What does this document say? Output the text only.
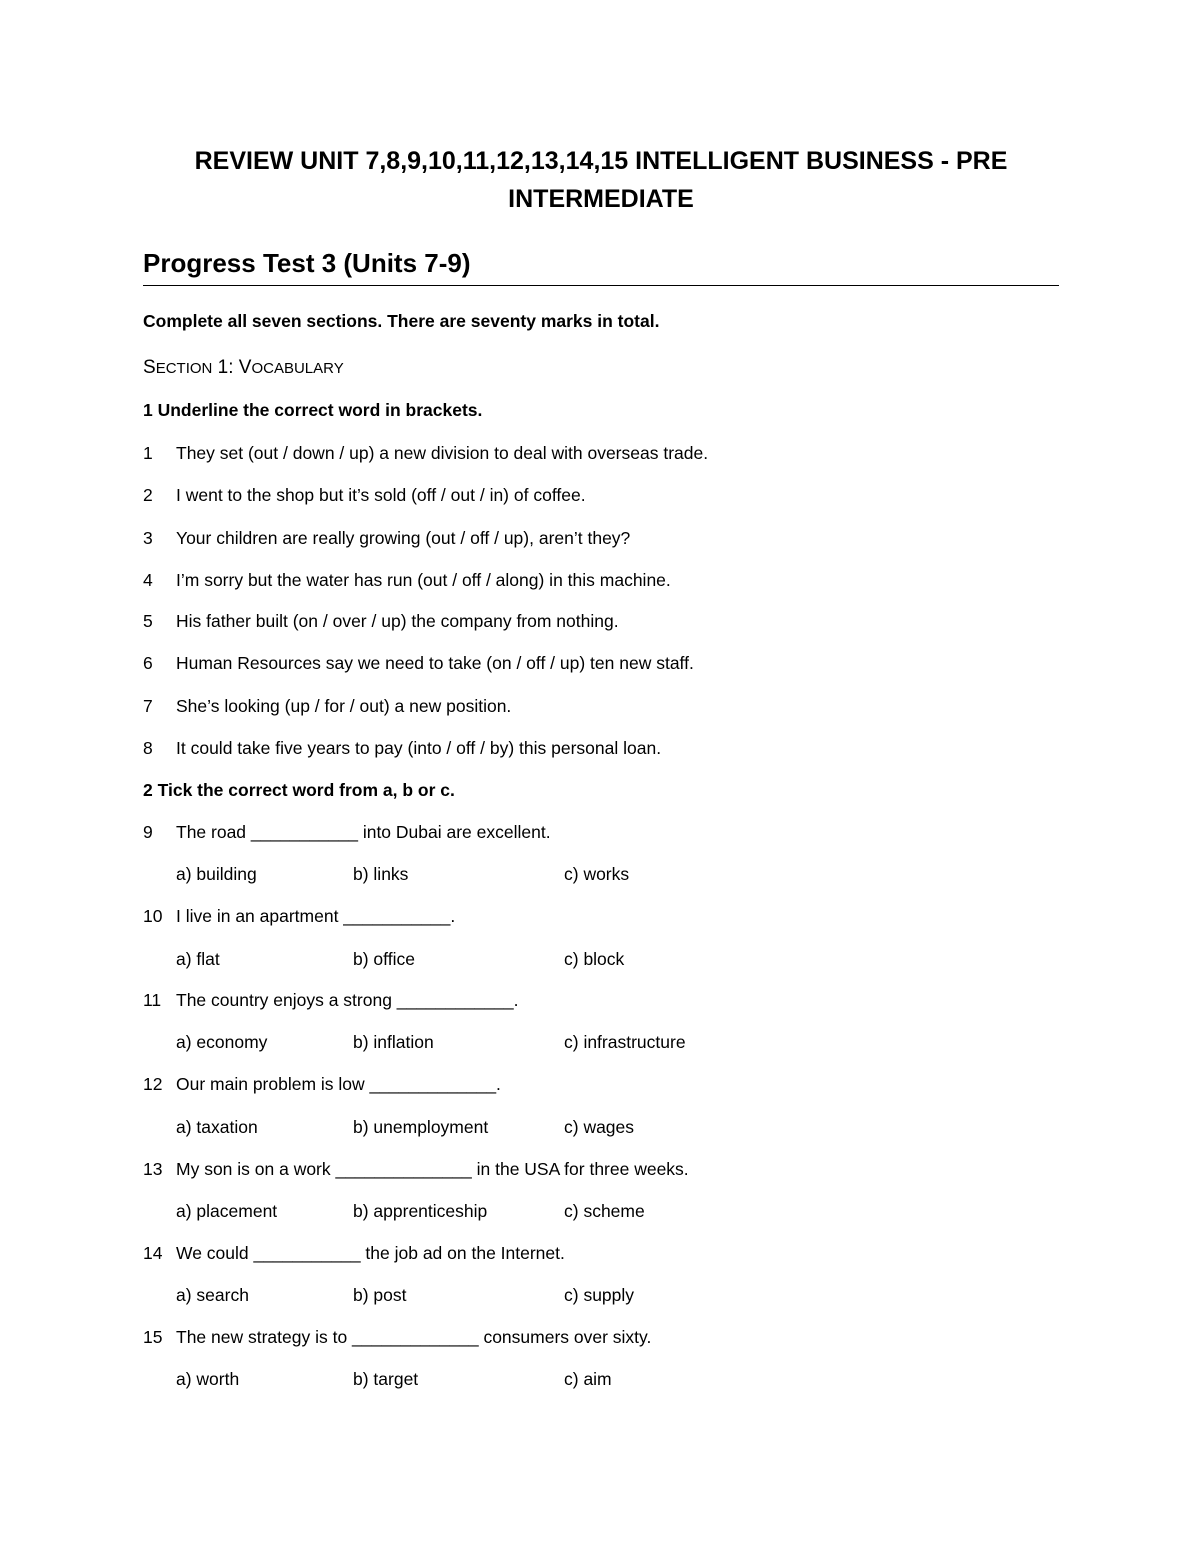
REVIEW UNIT 7,8,9,10,11,12,13,14,15 INTELLIGENT BUSINESS - PRE INTERMEDIATE
Progress Test 3 (Units 7-9)
Complete all seven sections. There are seventy marks in total.
SECTION 1: VOCABULARY
1 Underline the correct word in brackets.
1 They set (out / down / up) a new division to deal with overseas trade.
2 I went to the shop but it’s sold (off / out / in) of coffee.
3 Your children are really growing (out / off / up), aren’t they?
4 I’m sorry but the water has run (out / off / along) in this machine.
5 His father built (on / over / up) the company from nothing.
6 Human Resources say we need to take (on / off / up) ten new staff.
7 She’s looking (up / for / out) a new position.
8 It could take five years to pay (into / off / by) this personal loan.
2 Tick the correct word from a, b or c.
9 The road ___________ into Dubai are excellent.
a) building	b) links	c) works
10 I live in an apartment ___________.
a) flat	b) office	c) block
11 The country enjoys a strong ____________.
a) economy	b) inflation	c) infrastructure
12 Our main problem is low _____________.
a) taxation	b) unemployment	c) wages
13 My son is on a work ______________ in the USA for three weeks.
a) placement	b) apprenticeship	c) scheme
14 We could ___________ the job ad on the Internet.
a) search	b) post	c) supply
15 The new strategy is to _____________ consumers over sixty.
a) worth	b) target	c) aim
